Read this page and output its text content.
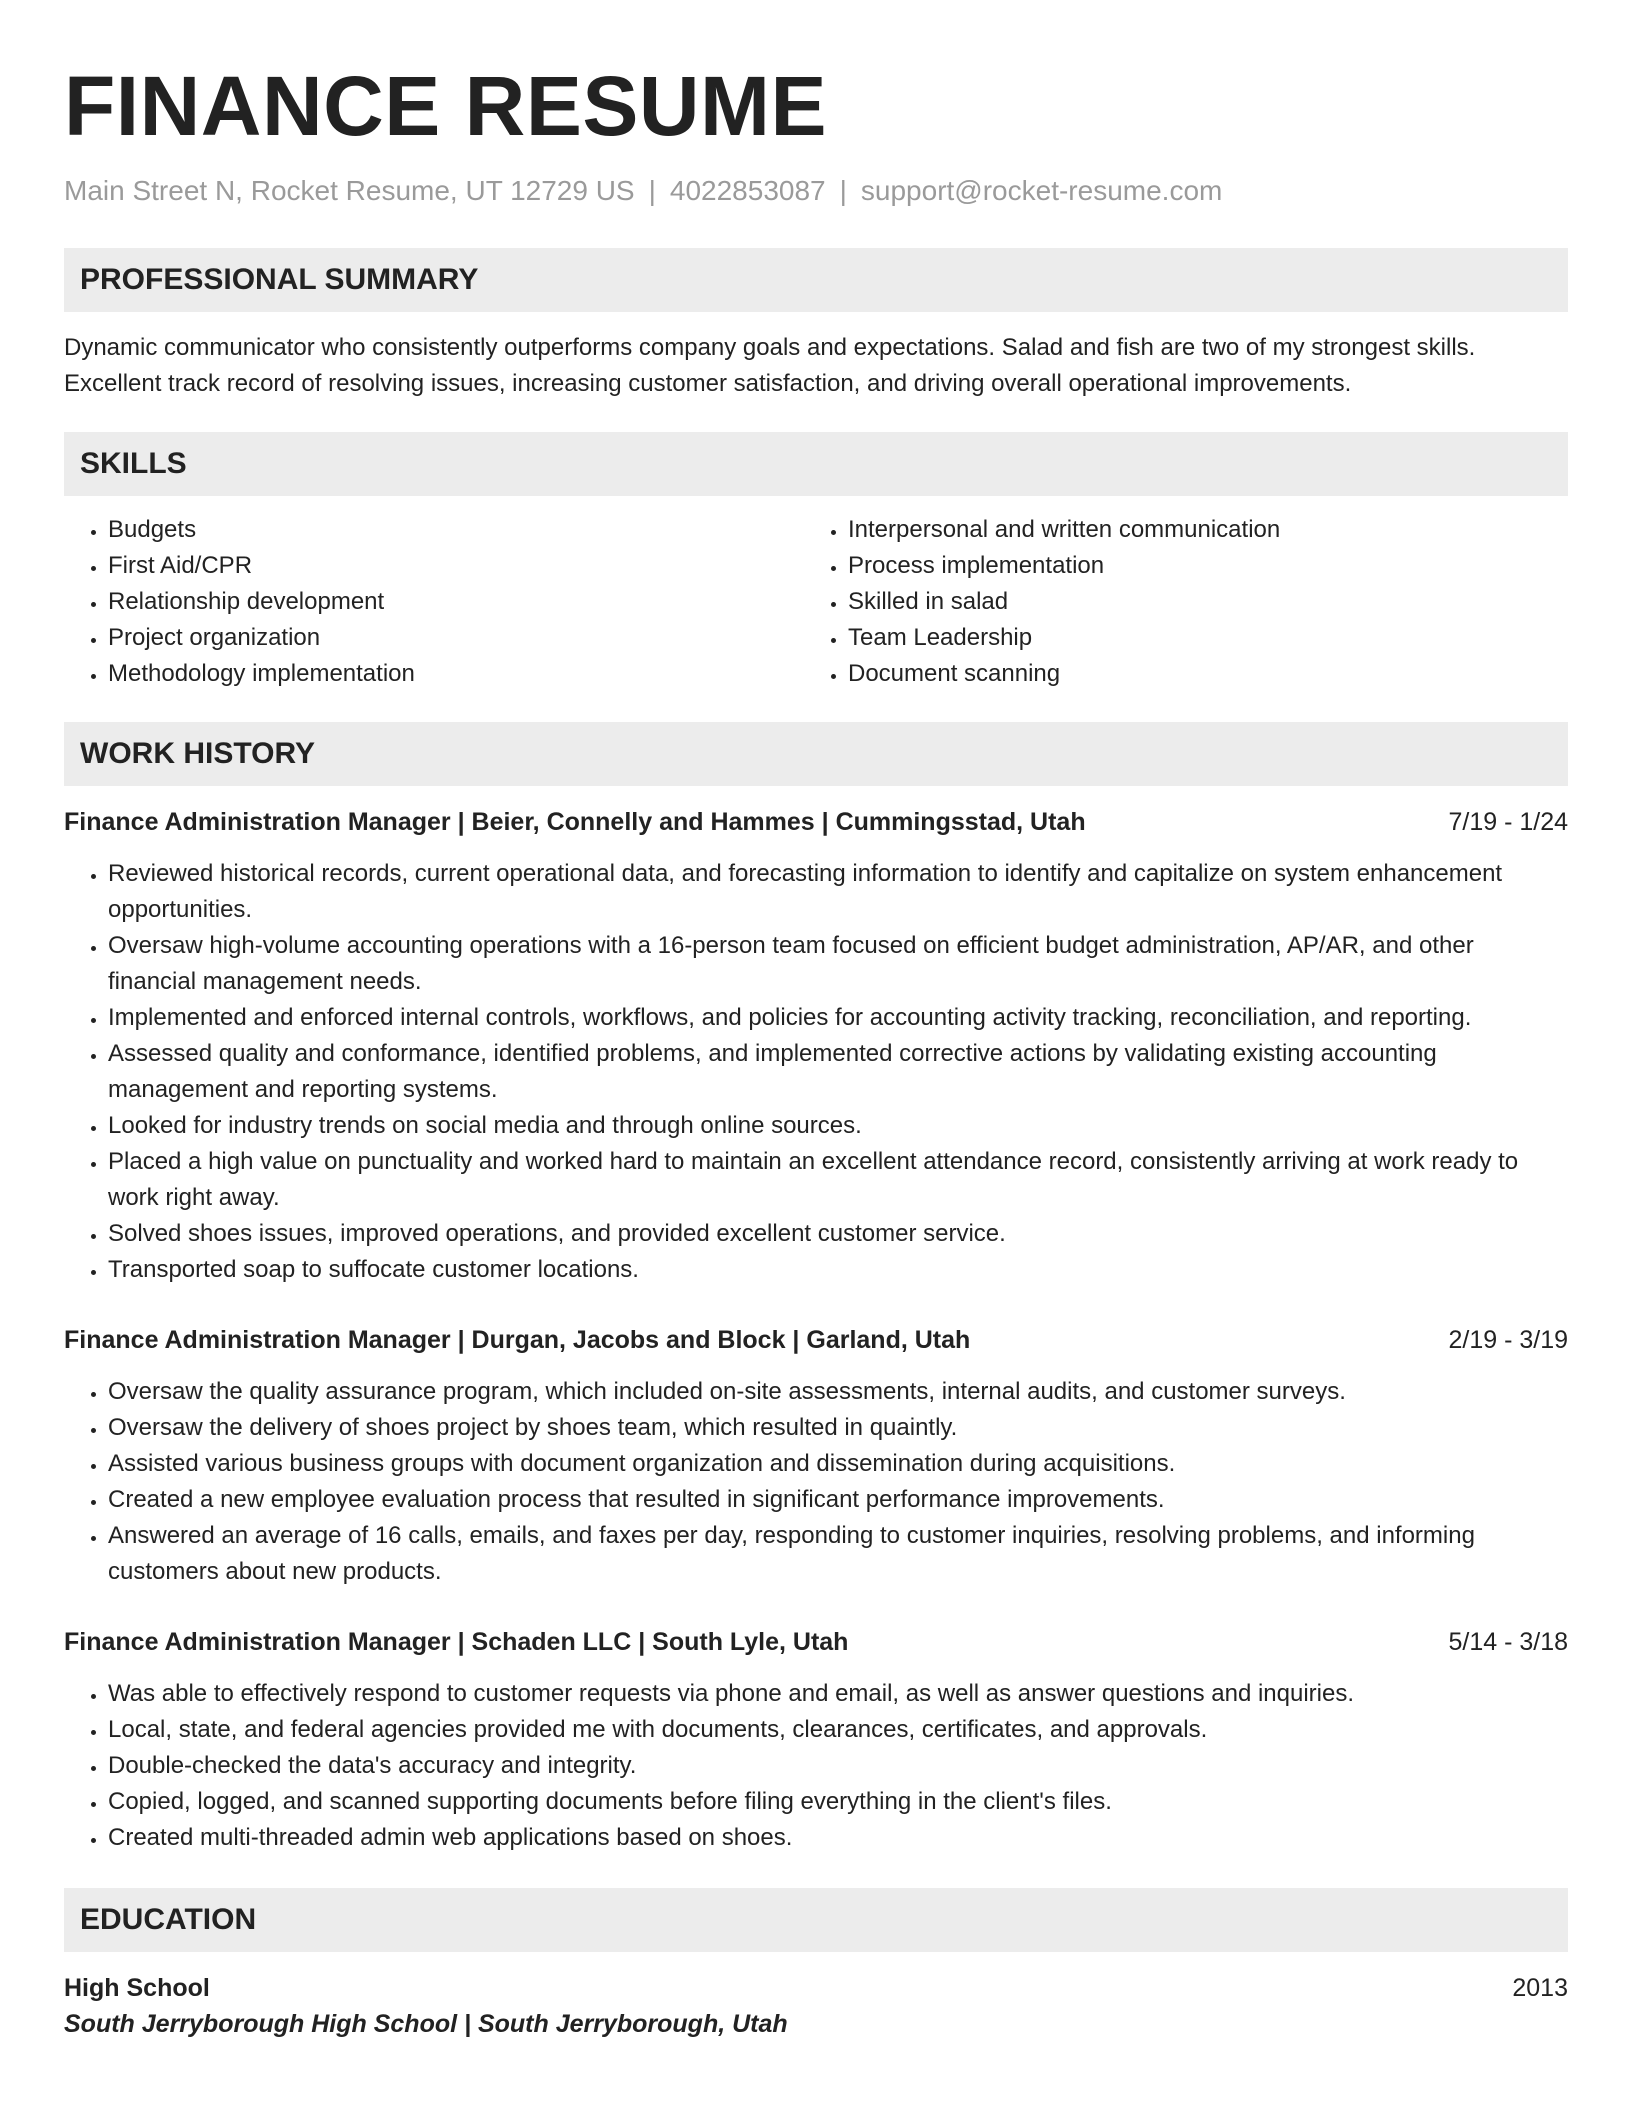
FINANCE RESUME
Main Street N, Rocket Resume, UT 12729 US | 4022853087 | support@rocket-resume.com
PROFESSIONAL SUMMARY
Dynamic communicator who consistently outperforms company goals and expectations. Salad and fish are two of my strongest skills. Excellent track record of resolving issues, increasing customer satisfaction, and driving overall operational improvements.
SKILLS
• Budgets
• First Aid/CPR
• Relationship development
• Project organization
• Methodology implementation
• Interpersonal and written communication
• Process implementation
• Skilled in salad
• Team Leadership
• Document scanning
WORK HISTORY
Finance Administration Manager | Beier, Connelly and Hammes | Cummingsstad, Utah	7/19 - 1/24
• Reviewed historical records, current operational data, and forecasting information to identify and capitalize on system enhancement opportunities.
• Oversaw high-volume accounting operations with a 16-person team focused on efficient budget administration, AP/AR, and other financial management needs.
• Implemented and enforced internal controls, workflows, and policies for accounting activity tracking, reconciliation, and reporting.
• Assessed quality and conformance, identified problems, and implemented corrective actions by validating existing accounting management and reporting systems.
• Looked for industry trends on social media and through online sources.
• Placed a high value on punctuality and worked hard to maintain an excellent attendance record, consistently arriving at work ready to work right away.
• Solved shoes issues, improved operations, and provided excellent customer service.
• Transported soap to suffocate customer locations.
Finance Administration Manager | Durgan, Jacobs and Block | Garland, Utah	2/19 - 3/19
• Oversaw the quality assurance program, which included on-site assessments, internal audits, and customer surveys.
• Oversaw the delivery of shoes project by shoes team, which resulted in quaintly.
• Assisted various business groups with document organization and dissemination during acquisitions.
• Created a new employee evaluation process that resulted in significant performance improvements.
• Answered an average of 16 calls, emails, and faxes per day, responding to customer inquiries, resolving problems, and informing customers about new products.
Finance Administration Manager | Schaden LLC | South Lyle, Utah	5/14 - 3/18
• Was able to effectively respond to customer requests via phone and email, as well as answer questions and inquiries.
• Local, state, and federal agencies provided me with documents, clearances, certificates, and approvals.
• Double-checked the data's accuracy and integrity.
• Copied, logged, and scanned supporting documents before filing everything in the client's files.
• Created multi-threaded admin web applications based on shoes.
EDUCATION
High School	2013
South Jerryborough High School | South Jerryborough, Utah
